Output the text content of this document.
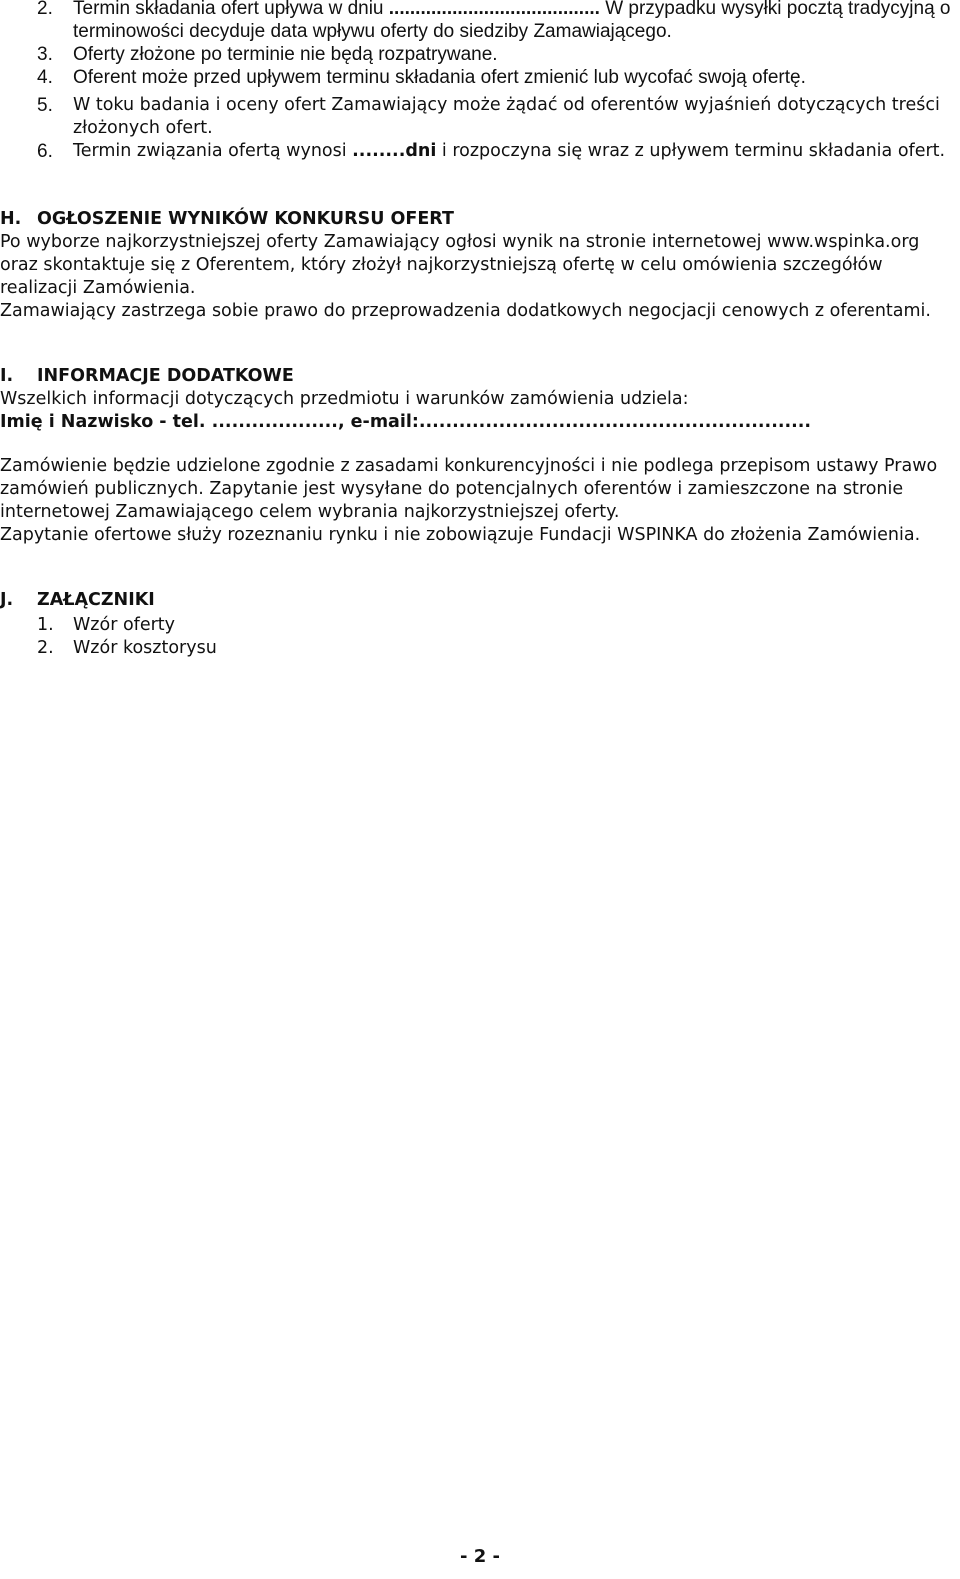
2.	Termin składania ofert upływa w dniu ........................................ W przypadku wysyłki pocztą tradycyjną o terminowości decyduje data wpływu oferty do siedziby Zamawiającego.
3.	Oferty złożone po terminie nie będą rozpatrywane.
4.	Oferent może przed upływem terminu składania ofert zmienić lub wycofać swoją ofertę.
5.	W toku badania i oceny ofert Zamawiający może żądać od oferentów wyjaśnień dotyczących treści złożonych ofert.
6.	Termin związania ofertą wynosi ........dni i rozpoczyna się wraz z upływem terminu składania ofert.

H. OGŁOSZENIE WYNIKÓW KONKURSU OFERT

Po wyborze najkorzystniejszej oferty Zamawiający ogłosi wynik na stronie internetowej www.wspinka.org oraz skontaktuje się z Oferentem, który złożył najkorzystniejszą ofertę w celu omówienia szczegółów realizacji Zamówienia.

Zamawiający zastrzega sobie prawo do przeprowadzenia dodatkowych negocjacji cenowych z oferentami.

I. INFORMACJE DODATKOWE

Wszelkich informacji dotyczących przedmiotu i warunków zamówienia udziela:

Imię i Nazwisko - tel. ..................., e-mail:...........................................................

Zamówienie będzie udzielone zgodnie z zasadami konkurencyjności i nie podlega przepisom ustawy Prawo zamówień publicznych. Zapytanie jest wysyłane do potencjalnych oferentów i zamieszczone na stronie internetowej Zamawiającego celem wybrania najkorzystniejszej oferty.

Zapytanie ofertowe służy rozeznaniu rynku i nie zobowiązuje Fundacji WSPINKA do złożenia Zamówienia.

J. ZAŁĄCZNIKI

1.	Wzór oferty
2.	Wzór kosztorysu
- 2 -
